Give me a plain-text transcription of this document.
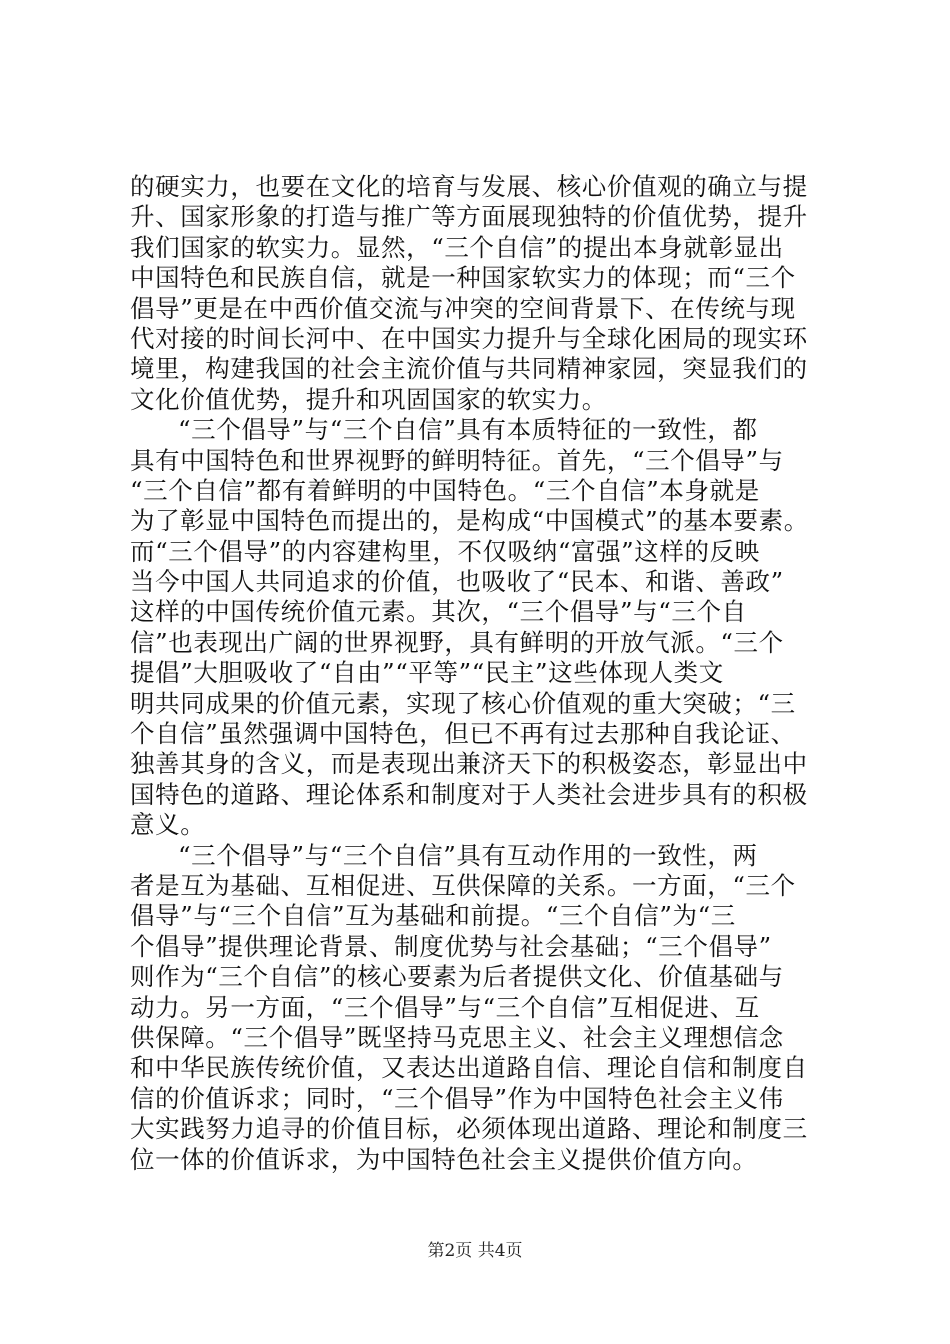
的硬实力，也要在文化的培育与发展、核心价值观的确立与提
升、国家形象的打造与推广等方面展现独特的价值优势，提升
我们国家的软实力。显然，“三个自信”的提出本身就彰显出
中国特色和民族自信，就是一种国家软实力的体现；而“三个
倡导”更是在中西价值交流与冲突的空间背景下、在传统与现
代对接的时间长河中、在中国实力提升与全球化困局的现实环
境里，构建我国的社会主流价值与共同精神家园，突显我们的
文化价值优势，提升和巩固国家的软实力。
“三个倡导”与“三个自信”具有本质特征的一致性，都
具有中国特色和世界视野的鲜明特征。首先，“三个倡导”与
“三个自信”都有着鲜明的中国特色。“三个自信”本身就是
为了彰显中国特色而提出的，是构成“中国模式”的基本要素。
而“三个倡导”的内容建构里，不仅吸纳“富强”这样的反映
当今中国人共同追求的价值，也吸收了“民本、和谐、善政”
这样的中国传统价值元素。其次，“三个倡导”与“三个自
信”也表现出广阔的世界视野，具有鲜明的开放气派。“三个
提倡”大胆吸收了“自由”“平等”“民主”这些体现人类文
明共同成果的价值元素，实现了核心价值观的重大突破；“三
个自信”虽然强调中国特色，但已不再有过去那种自我论证、
独善其身的含义，而是表现出兼济天下的积极姿态，彰显出中
国特色的道路、理论体系和制度对于人类社会进步具有的积极
意义。
“三个倡导”与“三个自信”具有互动作用的一致性，两
者是互为基础、互相促进、互供保障的关系。一方面，“三个
倡导”与“三个自信”互为基础和前提。“三个自信”为“三
个倡导”提供理论背景、制度优势与社会基础；“三个倡导”
则作为“三个自信”的核心要素为后者提供文化、价值基础与
动力。另一方面，“三个倡导”与“三个自信”互相促进、互
供保障。“三个倡导”既坚持马克思主义、社会主义理想信念
和中华民族传统价值，又表达出道路自信、理论自信和制度自
信的价值诉求；同时，“三个倡导”作为中国特色社会主义伟
大实践努力追寻的价值目标，必须体现出道路、理论和制度三
位一体的价值诉求，为中国特色社会主义提供价值方向。
第2页 共4页
